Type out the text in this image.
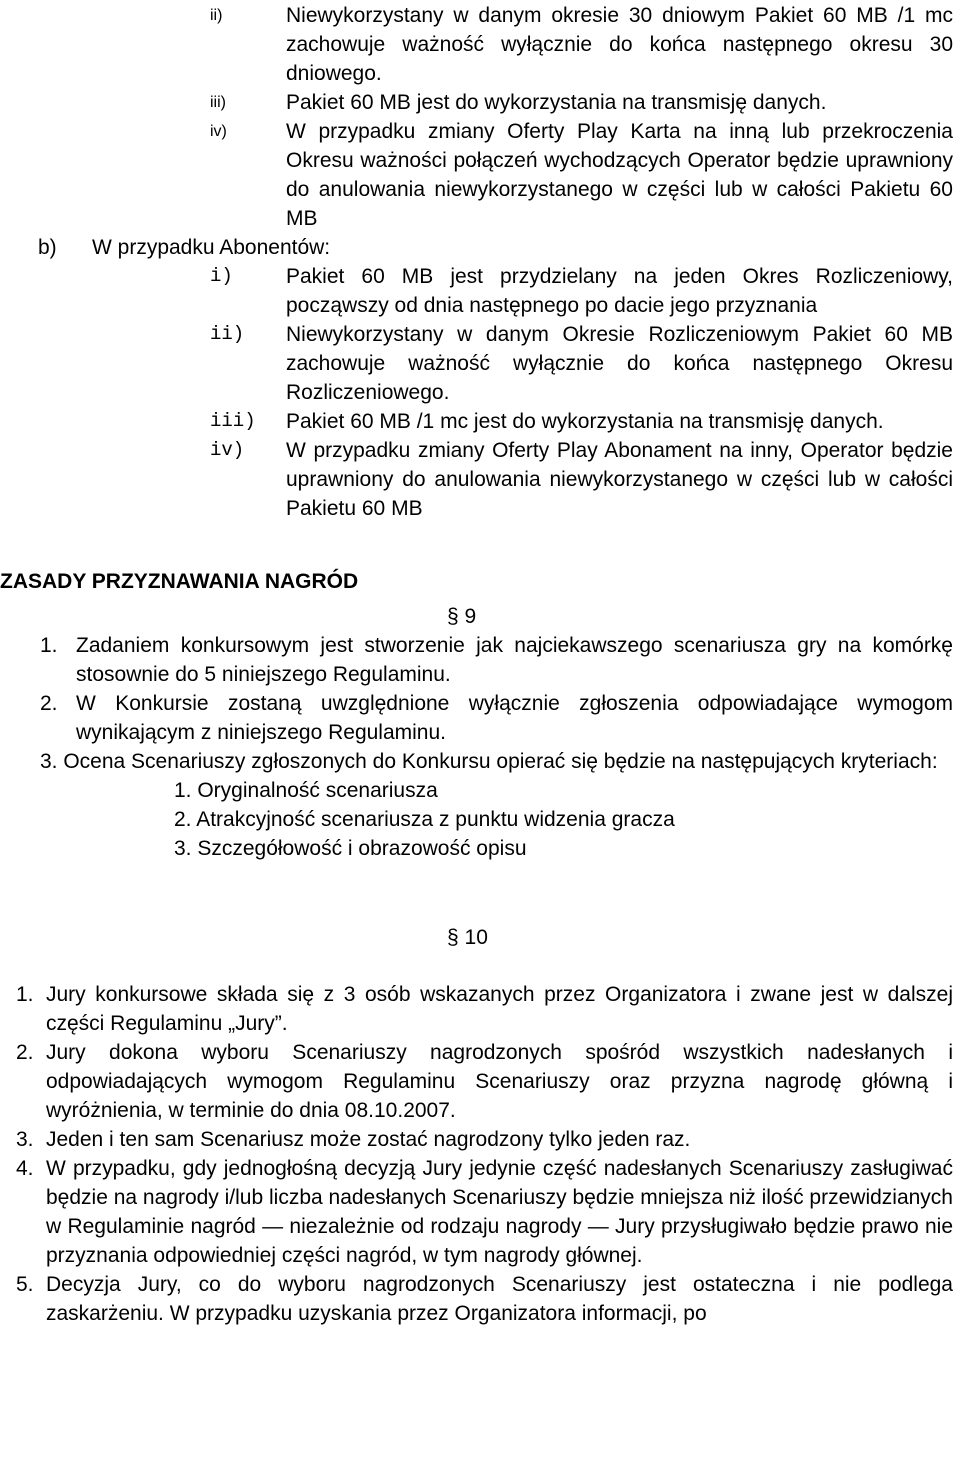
ii)	Niewykorzystany w danym okresie 30 dniowym Pakiet 60 MB /1 mc zachowuje ważność wyłącznie do końca następnego okresu 30 dniowego.
iii)	Pakiet 60 MB jest do wykorzystania na transmisję danych.
iv)	W przypadku zmiany Oferty Play Karta na inną lub przekroczenia Okresu ważności połączeń wychodzących Operator będzie uprawniony do anulowania niewykorzystanego w części lub w całości Pakietu 60 MB
b)	W przypadku Abonentów:
i)	Pakiet 60 MB jest przydzielany na jeden Okres Rozliczeniowy, począwszy od dnia następnego po dacie jego przyznania
ii)	Niewykorzystany w danym Okresie Rozliczeniowym Pakiet 60 MB zachowuje ważność wyłącznie do końca następnego Okresu Rozliczeniowego.
iii)	Pakiet 60 MB /1 mc jest do wykorzystania na transmisję danych.
iv)	W przypadku zmiany Oferty Play Abonament na inny, Operator będzie uprawniony do anulowania niewykorzystanego w części lub w całości Pakietu 60 MB
ZASADY PRZYZNAWANIA NAGRÓD
§ 9
1. Zadaniem konkursowym jest stworzenie jak najciekawszego scenariusza gry na komórkę stosownie do 5 niniejszego Regulaminu.
2. W Konkursie zostaną uwzględnione wyłącznie zgłoszenia odpowiadające wymogom wynikającym z niniejszego Regulaminu.
3. Ocena Scenariuszy zgłoszonych do Konkursu opierać się będzie na następujących kryteriach:
1. Oryginalność scenariusza
2. Atrakcyjność scenariusza z punktu widzenia gracza
3. Szczegółowość i obrazowość opisu
§ 10
1. Jury konkursowe składa się z 3 osób wskazanych przez Organizatora i zwane jest w dalszej części Regulaminu „Jury”.
2. Jury dokona wyboru Scenariuszy nagrodzonych spośród wszystkich nadesłanych i odpowiadających wymogom Regulaminu Scenariuszy oraz przyzna nagrodę główną i wyróżnienia, w terminie do dnia 08.10.2007.
3. Jeden i ten sam Scenariusz może zostać nagrodzony tylko jeden raz.
4. W przypadku, gdy jednogłośną decyzją Jury jedynie część nadesłanych Scenariuszy zasługiwać będzie na nagrody i/lub liczba nadesłanych Scenariuszy będzie mniejsza niż ilość przewidzianych w Regulaminie nagród — niezależnie od rodzaju nagrody — Jury przysługiwało będzie prawo nie przyznania odpowiedniej części nagród, w tym nagrody głównej.
5. Decyzja Jury, co do wyboru nagrodzonych Scenariuszy jest ostateczna i nie podlega zaskarżeniu. W przypadku uzyskania przez Organizatora informacji, po
